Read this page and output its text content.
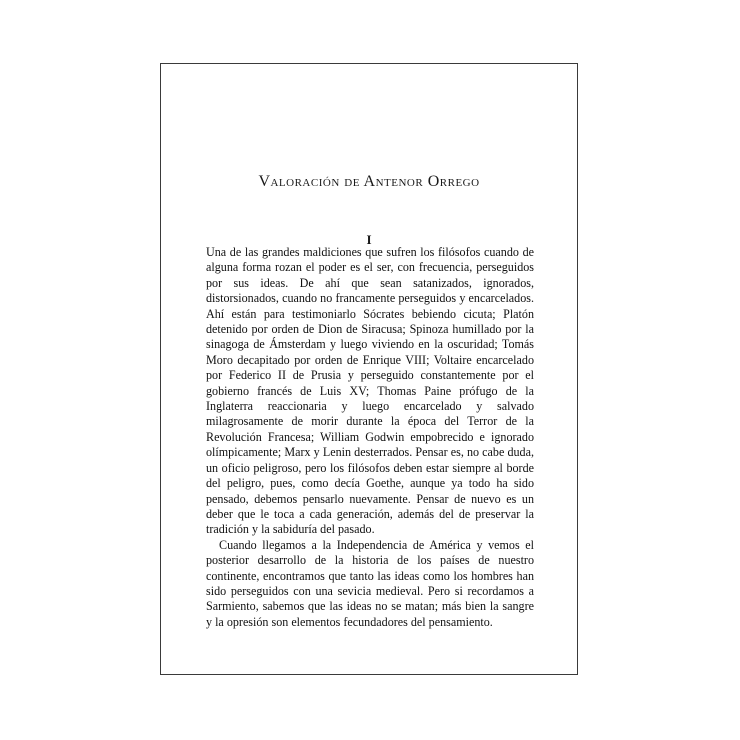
Valoración de Antenor Orrego
I

Una de las grandes maldiciones que sufren los filósofos cuando de alguna forma rozan el poder es el ser, con frecuencia, perseguidos por sus ideas. De ahí que sean satanizados, ignorados, distorsionados, cuando no francamente perseguidos y encarcelados. Ahí están para testimoniarlo Sócrates bebiendo cicuta; Platón detenido por orden de Dion de Siracusa; Spinoza humillado por la sinagoga de Ámsterdam y luego viviendo en la oscuridad; Tomás Moro decapitado por orden de Enrique VIII; Voltaire encarcelado por Federico II de Prusia y perseguido constantemente por el gobierno francés de Luis XV; Thomas Paine prófugo de la Inglaterra reaccionaria y luego encarcelado y salvado milagrosamente de morir durante la época del Terror de la Revolución Francesa; William Godwin empobrecido e ignorado olímpicamente; Marx y Lenin desterrados. Pensar es, no cabe duda, un oficio peligroso, pero los filósofos deben estar siempre al borde del peligro, pues, como decía Goethe, aunque ya todo ha sido pensado, debemos pensarlo nuevamente. Pensar de nuevo es un deber que le toca a cada generación, además del de preservar la tradición y la sabiduría del pasado.

Cuando llegamos a la Independencia de América y vemos el posterior desarrollo de la historia de los países de nuestro continente, encontramos que tanto las ideas como los hombres han sido perseguidos con una sevicia medieval. Pero si recordamos a Sarmiento, sabemos que las ideas no se matan; más bien la sangre y la opresión son elementos fecundadores del pensamiento.
